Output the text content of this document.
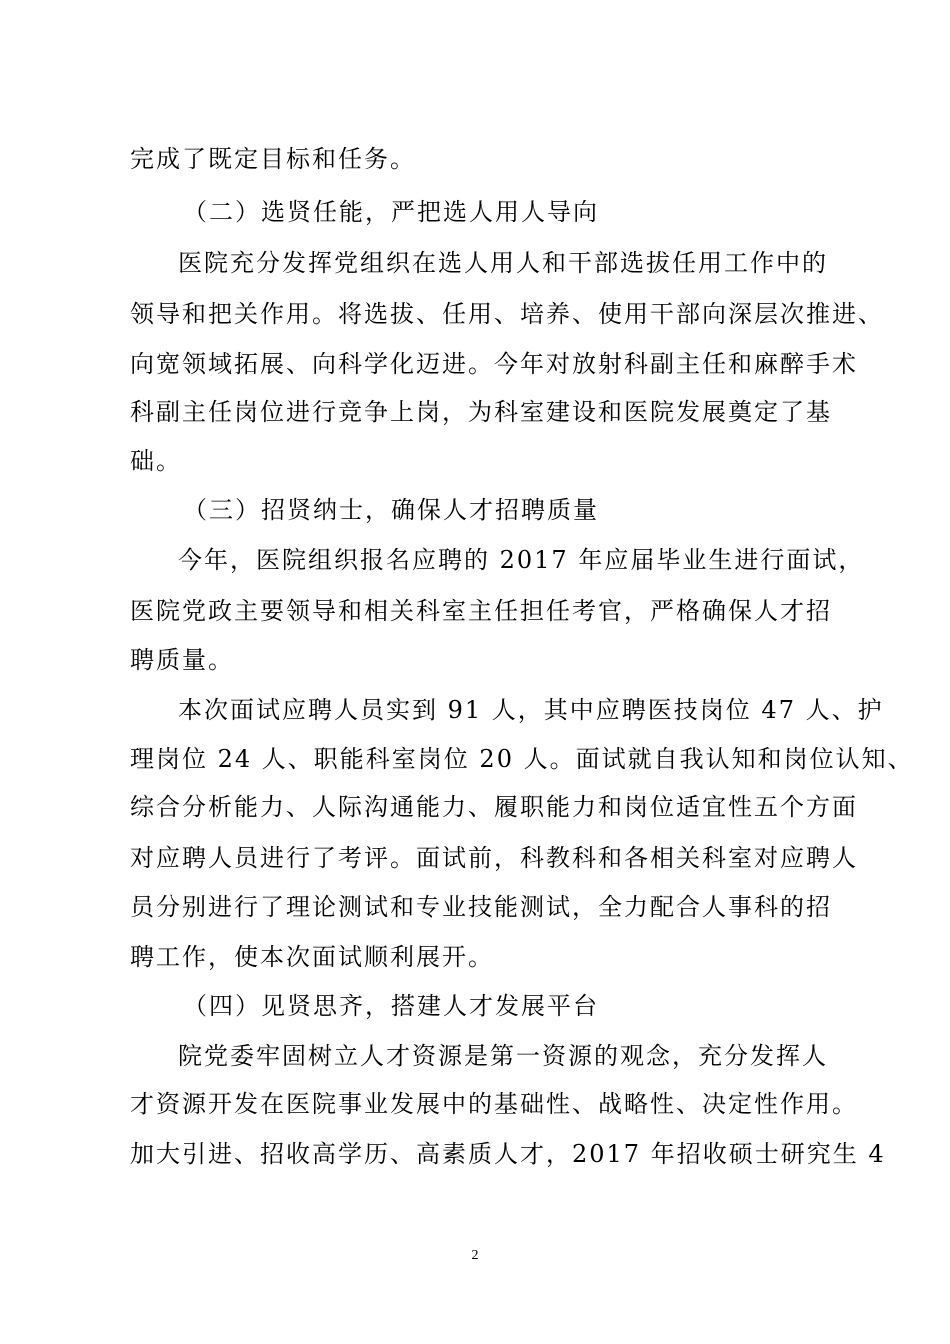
完成了既定目标和任务。
（二）选贤任能，严把选人用人导向
医院充分发挥党组织在选人用人和干部选拔任用工作中的
领导和把关作用。将选拔、任用、培养、使用干部向深层次推进、
向宽领域拓展、向科学化迈进。今年对放射科副主任和麻醉手术
科副主任岗位进行竞争上岗，为科室建设和医院发展奠定了基
础。
（三）招贤纳士，确保人才招聘质量
今年，医院组织报名应聘的 2017 年应届毕业生进行面试，
医院党政主要领导和相关科室主任担任考官，严格确保人才招
聘质量。
本次面试应聘人员实到 91 人，其中应聘医技岗位 47 人、护
理岗位 24 人、职能科室岗位 20 人。面试就自我认知和岗位认知、
综合分析能力、人际沟通能力、履职能力和岗位适宜性五个方面
对应聘人员进行了考评。面试前，科教科和各相关科室对应聘人
员分别进行了理论测试和专业技能测试，全力配合人事科的招
聘工作，使本次面试顺利展开。
（四）见贤思齐，搭建人才发展平台
院党委牢固树立人才资源是第一资源的观念，充分发挥人
才资源开发在医院事业发展中的基础性、战略性、决定性作用。
加大引进、招收高学历、高素质人才，2017 年招收硕士研究生 4
2
